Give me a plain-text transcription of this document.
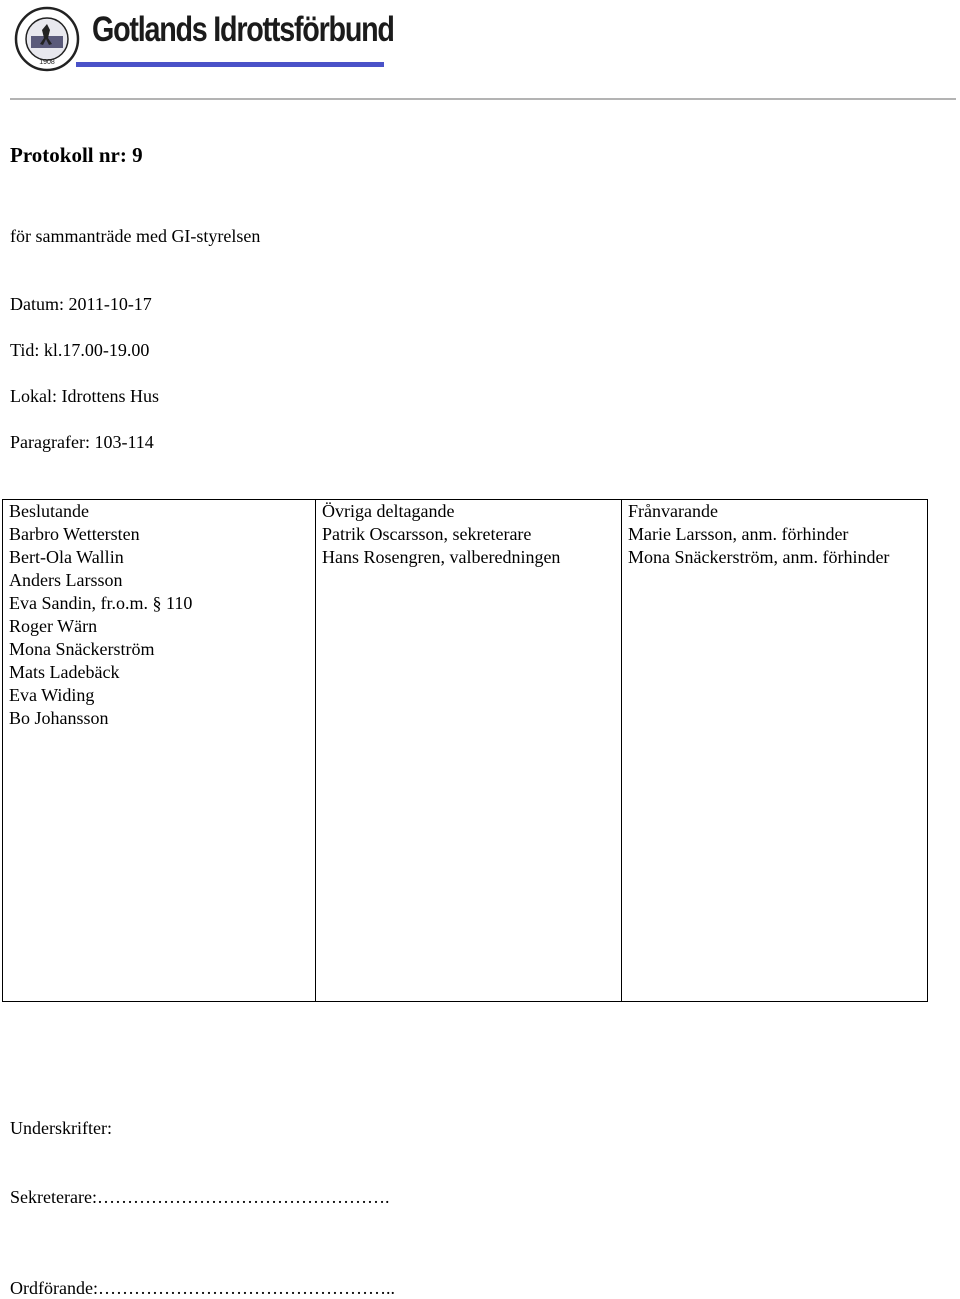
1908
Gotlands Idrottsförbund
Protokoll nr: 9
för sammanträde med GI-styrelsen
Datum: 2011-10-17
Tid: kl.17.00-19.00
Lokal: Idrottens Hus
Paragrafer: 103-114
Beslutande
Barbro Wettersten
Bert-Ola Wallin
Anders Larsson
Eva Sandin, fr.o.m. § 110
Roger Wärn
Mona Snäckerström
Mats Ladebäck
Eva Widing
Bo Johansson
Övriga deltagande
Patrik Oscarsson, sekreterare
Hans Rosengren, valberedningen
Frånvarande
Marie Larsson, anm. förhinder
Mona Snäckerström, anm. förhinder
Underskrifter:
Sekreterare:………………………………………….
Ordförande:…………………………………………..
